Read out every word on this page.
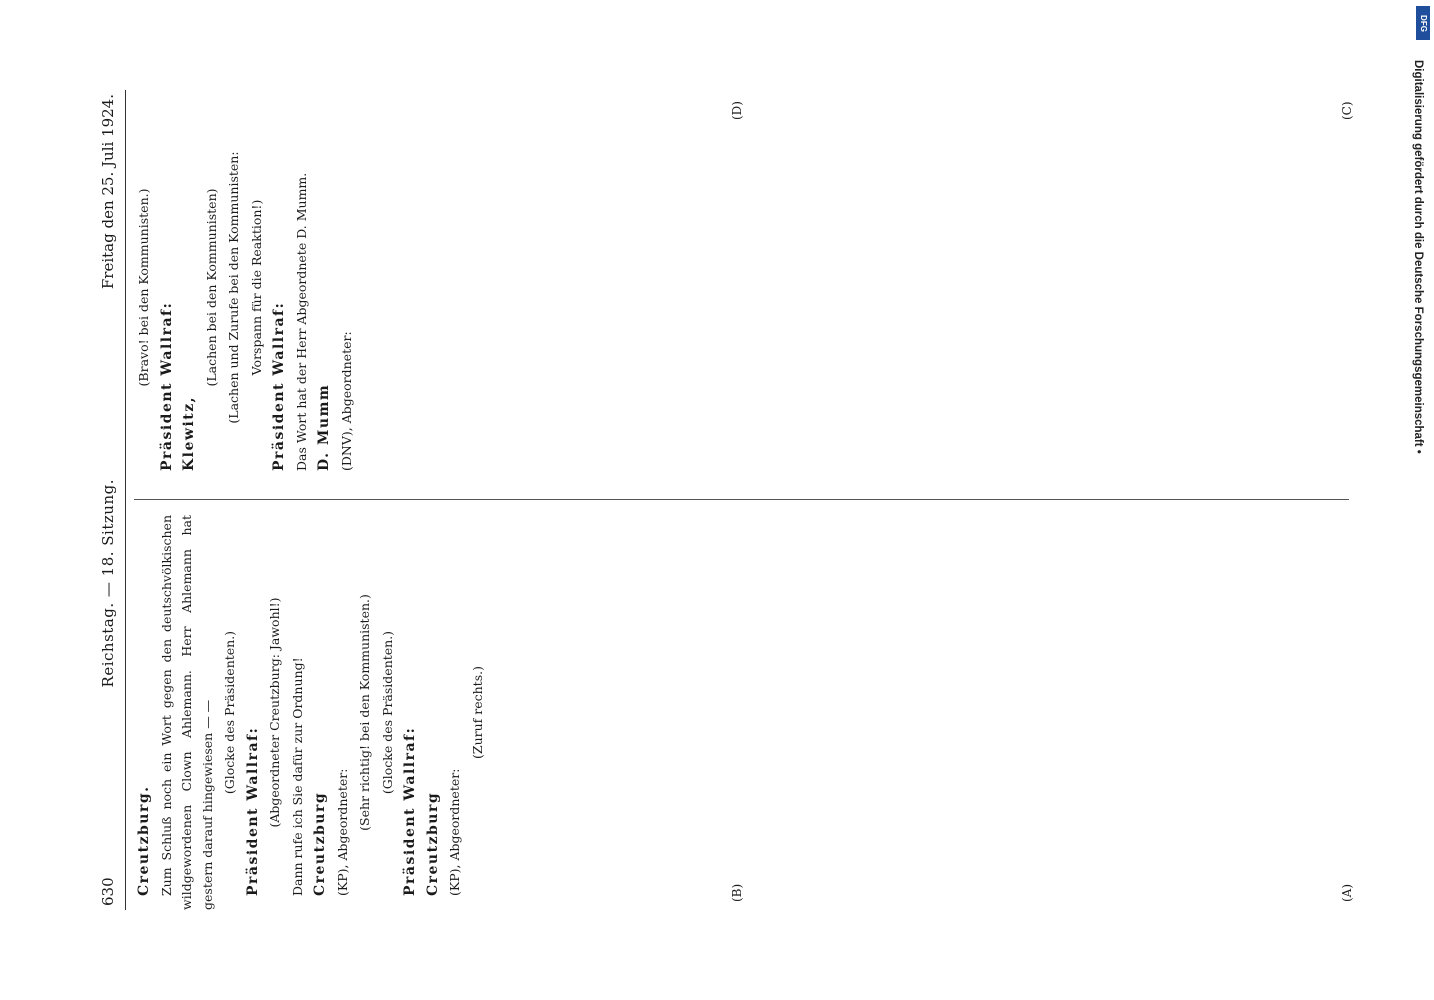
630
Reichstag. — 18. Sitzung.
Freitag den 25. Juli 1924.

Creutzburg. Zum Schluß noch ein Wort gegen den deutschvölkischen wildgewordenen Clown Ahlemann. Herr Ahlemann hat gestern darauf hingewiesen — — (Glocke des Präsidenten.)

Präsident Wallraf: (Abgeordneter Creutzburg: Jawohl!) Dann rufe ich Sie dafür zur Ordnung! Creutzburg (KP), Abgeordneter:

(Sehr richtig! bei den Kommunisten.) (Glocke des Präsidenten.)

Präsident Wallraf: Creutzburg (KP), Abgeordneter:

(Zuruf rechts.)

(Bravo! bei den Kommunisten.) Präsident Wallraf: Klewitz,

(Lachen bei den Kommunisten) (Lachen und Zurufe bei den Kommunisten: Vorspann für die Reaktion!)

Präsident Wallraf: Das Wort hat der Herr Abgeordnete D. Mumm. D. Mumm (DNV), Abgeordneter:

(A)
(B)
(C)
(D)	Digitalisierung gefördert durch die Deutsche Forschungsgemeinschaft •
DFG
